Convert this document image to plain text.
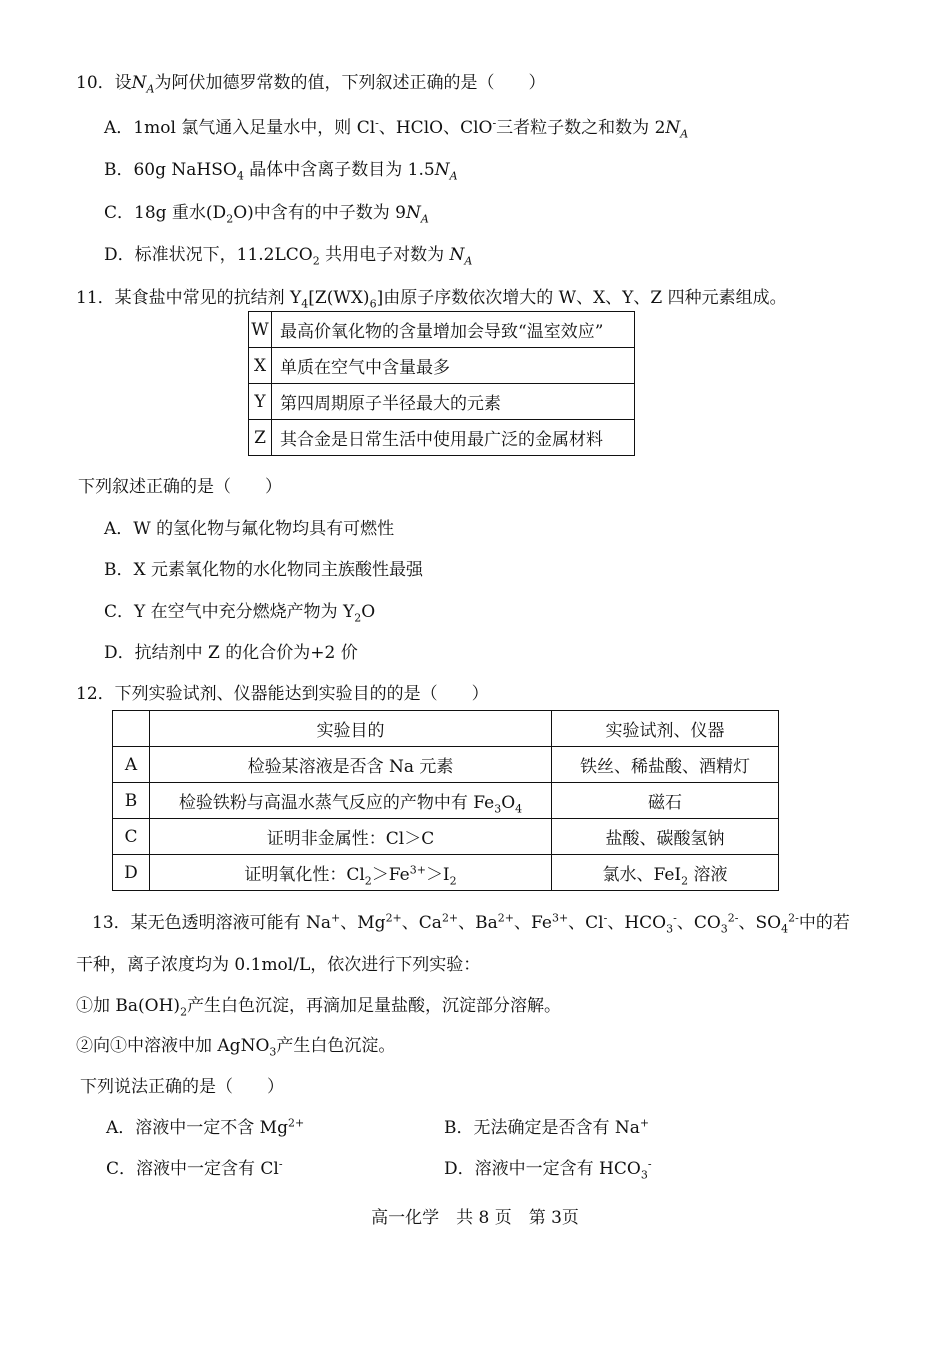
10．设$N_A$为阿伏加德罗常数的值，下列叙述正确的是（　　）
A．1mol 氯气通入足量水中，则 Cl-、HClO、ClO-三者粒子数之和数为 $2N_A$
B．60g NaHSO$_4$ 晶体中含离子数目为 $1.5N_A$
C．18g 重水$(D_2O)$中含有的中子数为 $9N_A$
D．标准状况下，$11.2LCO_2$ 共用电子对数为 $N_A$
11．某食盐中常见的抗结剂 $Y_4[Z(WX)_6]$由原子序数依次增大的 W、X、Y、Z 四种元素组成。
W	最高价氧化物的含量增加会导致“温室效应”
X	单质在空气中含量最多
Y	第四周期原子半径最大的元素
Z	其合金是日常生活中使用最广泛的金属材料
下列叙述正确的是（　　）
A．W 的氢化物与氟化物均具有可燃性
B．X 元素氧化物的水化物同主族酸性最强
C．Y 在空气中充分燃烧产物为 $Y_2O$
D．抗结剂中 Z 的化合价为+2 价
12．下列实验试剂、仪器能达到实验目的的是（　　）
	实验目的	实验试剂、仪器
A	检验某溶液是否含 Na 元素	铁丝、稀盐酸、酒精灯
B	检验铁粉与高温水蒸气反应的产物中有 $Fe_3O_4$	磁石
C	证明非金属性：Cl＞C	盐酸、碳酸氢钠
D	证明氧化性：$Cl_2>Fe^{3+}>I_2$	氯水、FeI$_2$ 溶液
13．某无色透明溶液可能有 Na+、$Mg^{2+}$、$Ca^{2+}$、$Ba^{2+}$、$Fe^{3+}$、Cl-、$HCO_3^-$、$CO_3^{2-}$、$SO_4^{2-}$中的若
干种，离子浓度均为 0.1mol/L，依次进行下列实验：
①加 $Ba(OH)_2$产生白色沉淀，再滴加足量盐酸，沉淀部分溶解。
②向①中溶液中加 AgNO$_3$产生白色沉淀。
下列说法正确的是（　　）
A．溶液中一定不含 $Mg^{2+}$	B．无法确定是否含有 Na+
C．溶液中一定含有 Cl-	D．溶液中一定含有 $HCO_3^-$
高一化学　共 8 页　第 3页
